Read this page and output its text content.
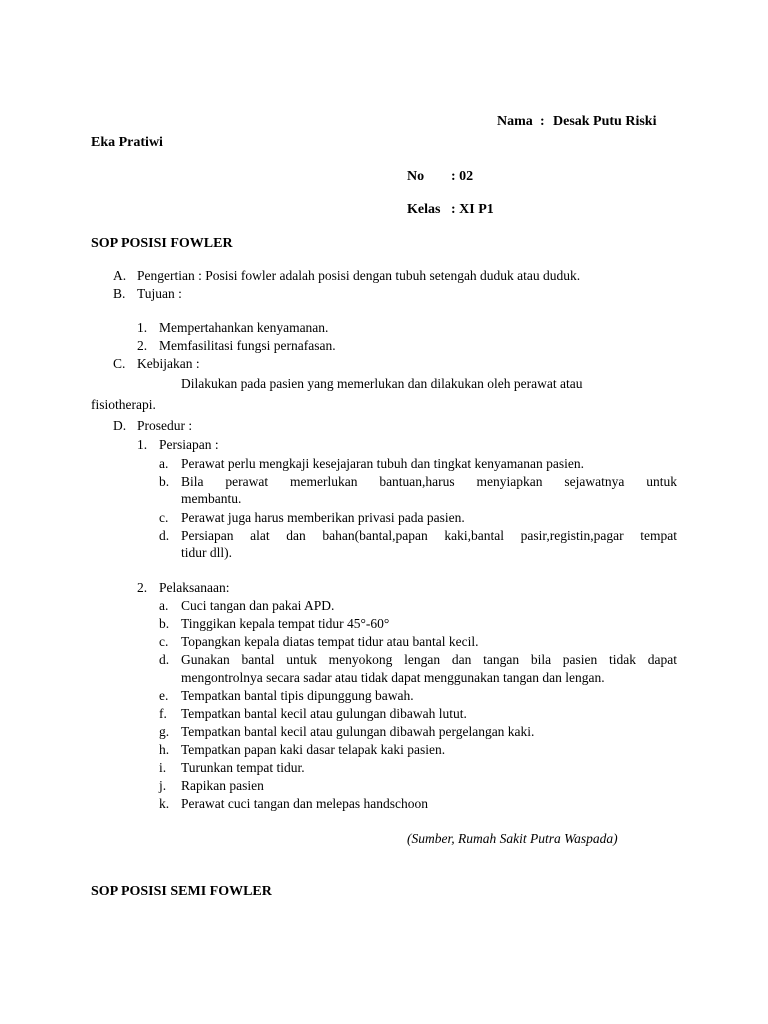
Nama : Desak Putu Riski
Eka Pratiwi
No : 02
Kelas : XI P1
SOP POSISI FOWLER
A. Pengertian : Posisi fowler adalah posisi dengan tubuh setengah duduk atau duduk.
B. Tujuan :
1. Mempertahankan kenyamanan.
2. Memfasilitasi fungsi pernafasan.
C. Kebijakan :
Dilakukan pada pasien yang memerlukan dan dilakukan oleh perawat atau
fisiotherapi.
D. Prosedur :
1. Persiapan :
a. Perawat perlu mengkaji kesejajaran tubuh dan tingkat kenyamanan pasien.
b. Bila perawat memerlukan bantuan,harus menyiapkan sejawatnya untuk
membantu.
c. Perawat juga harus memberikan privasi pada pasien.
d. Persiapan alat dan bahan(bantal,papan kaki,bantal pasir,registin,pagar tempat
tidur dll).
2. Pelaksanaan:
a. Cuci tangan dan pakai APD.
b. Tinggikan kepala tempat tidur 45°-60°
c. Topangkan kepala diatas tempat tidur atau bantal kecil.
d. Gunakan bantal untuk menyokong lengan dan tangan bila pasien tidak dapat
mengontrolnya secara sadar atau tidak dapat menggunakan tangan dan lengan.
e. Tempatkan bantal tipis dipunggung bawah.
f. Tempatkan bantal kecil atau gulungan dibawah lutut.
g. Tempatkan bantal kecil atau gulungan dibawah pergelangan kaki.
h. Tempatkan papan kaki dasar telapak kaki pasien.
i. Turunkan tempat tidur.
j. Rapikan pasien
k. Perawat cuci tangan dan melepas handschoon
(Sumber, Rumah Sakit Putra Waspada)
SOP POSISI SEMI FOWLER
